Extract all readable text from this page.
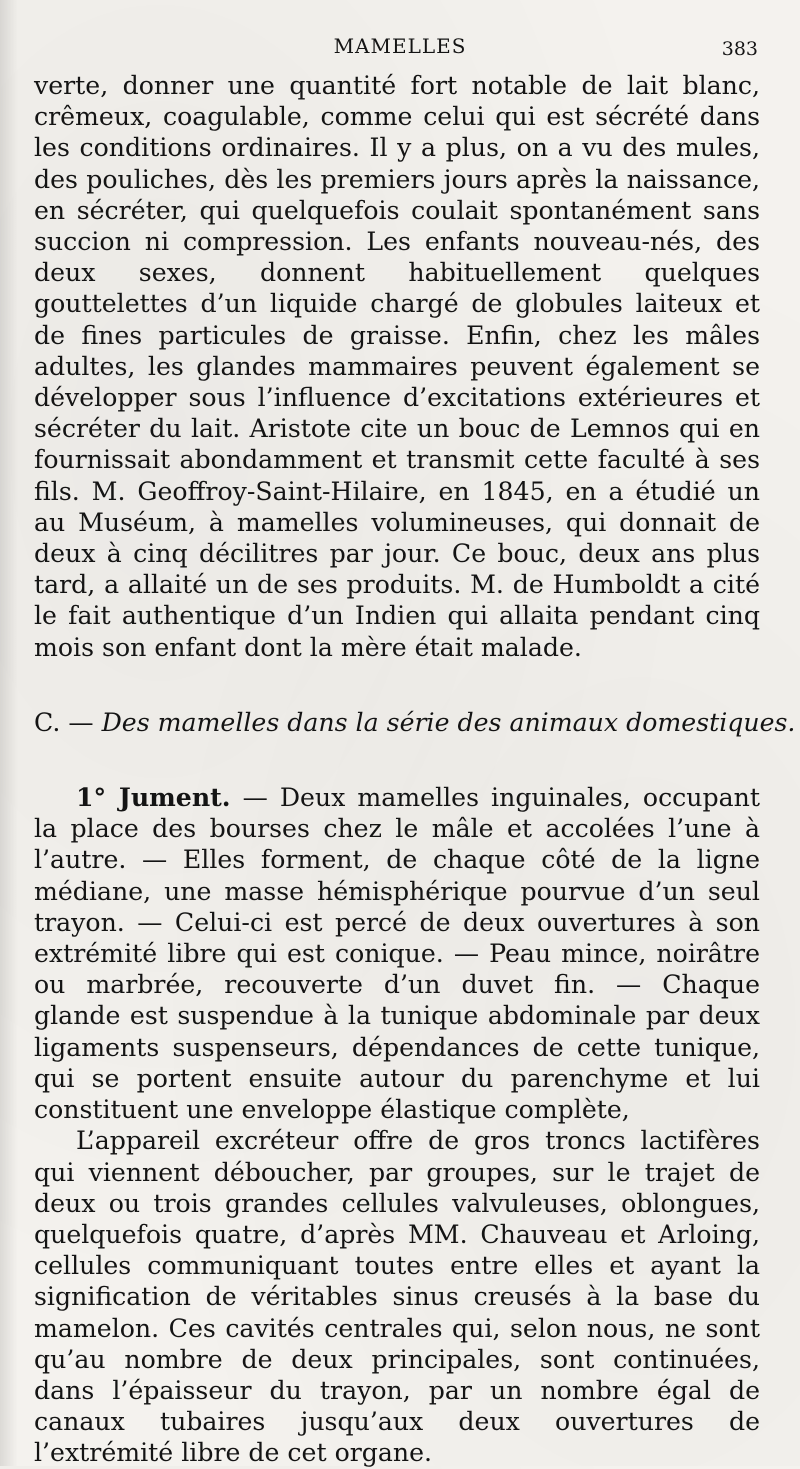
MAMELLES	383

verte, donner une quantité fort notable de lait blanc, crêmeux, coagulable, comme celui qui est sécrété dans les conditions ordinaires. Il y a plus, on a vu des mules, des pouliches, dès les premiers jours après la naissance, en sécréter, qui quelquefois coulait spontanément sans succion ni compression. Les enfants nouveau-nés, des deux sexes, donnent habituellement quelques gouttelettes d’un liquide chargé de globules laiteux et de fines particules de graisse. Enfin, chez les mâles adultes, les glandes mammaires peuvent également se développer sous l’influence d’excitations extérieures et sécréter du lait. Aristote cite un bouc de Lemnos qui en fournissait abondamment et transmit cette faculté à ses fils. M. Geoffroy-Saint-Hilaire, en 1845, en a étudié un au Muséum, à mamelles volumineuses, qui donnait de deux à cinq décilitres par jour. Ce bouc, deux ans plus tard, a allaité un de ses produits. M. de Humboldt a cité le fait authentique d’un Indien qui allaita pendant cinq mois son enfant dont la mère était malade.

C. — Des mamelles dans la série des animaux domestiques.

1° Jument. — Deux mamelles inguinales, occupant la place des bourses chez le mâle et accolées l’une à l’autre. — Elles forment, de chaque côté de la ligne médiane, une masse hémisphérique pourvue d’un seul trayon. — Celui-ci est percé de deux ouvertures à son extrémité libre qui est conique. — Peau mince, noirâtre ou marbrée, recouverte d’un duvet fin. — Chaque glande est suspendue à la tunique abdominale par deux ligaments suspenseurs, dépendances de cette tunique, qui se portent ensuite autour du parenchyme et lui constituent une enveloppe élastique complète,

L’appareil excréteur offre de gros troncs lactifères qui viennent déboucher, par groupes, sur le trajet de deux ou trois grandes cellules valvuleuses, oblongues, quelquefois quatre, d’après MM. Chauveau et Arloing, cellules communiquant toutes entre elles et ayant la signification de véritables sinus creusés à la base du mamelon. Ces cavités centrales qui, selon nous, ne sont qu’au nombre de deux principales, sont continuées, dans l’épaisseur du trayon, par un nombre égal de canaux tubaires jusqu’aux deux ouvertures de l’extrémité libre de cet organe.
